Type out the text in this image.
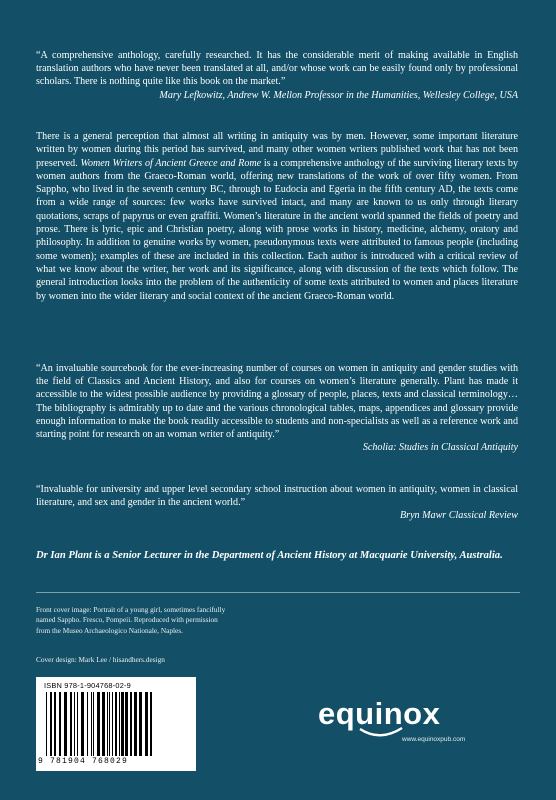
“A comprehensive anthology, carefully researched. It has the considerable merit of making available in English translation authors who have never been translated at all, and/or whose work can be easily found only by professional scholars. There is nothing quite like this book on the market.”
Mary Lefkowitz, Andrew W. Mellon Professor in the Humanities, Wellesley College, USA
There is a general perception that almost all writing in antiquity was by men. However, some important literature written by women during this period has survived, and many other women writers published work that has not been preserved. Women Writers of Ancient Greece and Rome is a comprehensive anthology of the surviving literary texts by women authors from the Graeco-Roman world, offering new translations of the work of over fifty women. From Sappho, who lived in the seventh century BC, through to Eudocia and Egeria in the fifth century AD, the texts come from a wide range of sources: few works have survived intact, and many are known to us only through literary quotations, scraps of papyrus or even graffiti. Women’s literature in the ancient world spanned the fields of poetry and prose. There is lyric, epic and Christian poetry, along with prose works in history, medicine, alchemy, oratory and philosophy. In addition to genuine works by women, pseudonymous texts were attributed to famous people (including some women); examples of these are included in this collection. Each author is introduced with a critical review of what we know about the writer, her work and its significance, along with discussion of the texts which follow. The general introduction looks into the problem of the authenticity of some texts attributed to women and places literature by women into the wider literary and social context of the ancient Graeco-Roman world.
“An invaluable sourcebook for the ever-increasing number of courses on women in antiquity and gender studies with the field of Classics and Ancient History, and also for courses on women’s literature generally. Plant has made it accessible to the widest possible audience by providing a glossary of people, places, texts and classical terminology… The bibliography is admirably up to date and the various chronological tables, maps, appendices and glossary provide enough information to make the book readily accessible to students and non-specialists as well as a reference work and starting point for research on an woman writer of antiquity.”
Scholia: Studies in Classical Antiquity
“Invaluable for university and upper level secondary school instruction about women in antiquity, women in classical literature, and sex and gender in the ancient world.”
Bryn Mawr Classical Review
Dr Ian Plant is a Senior Lecturer in the Department of Ancient History at Macquarie University, Australia.
Front cover image: Portrait of a young girl, sometimes fancifully
named Sappho. Fresco, Pompeii. Reproduced with permission
from the Museo Archaeologico Nationale, Naples.
Cover design: Mark Lee / hisandhers.design
ISBN 978-1-904768-02-9
9 781904 768029
equinox
www.equinoxpub.com
